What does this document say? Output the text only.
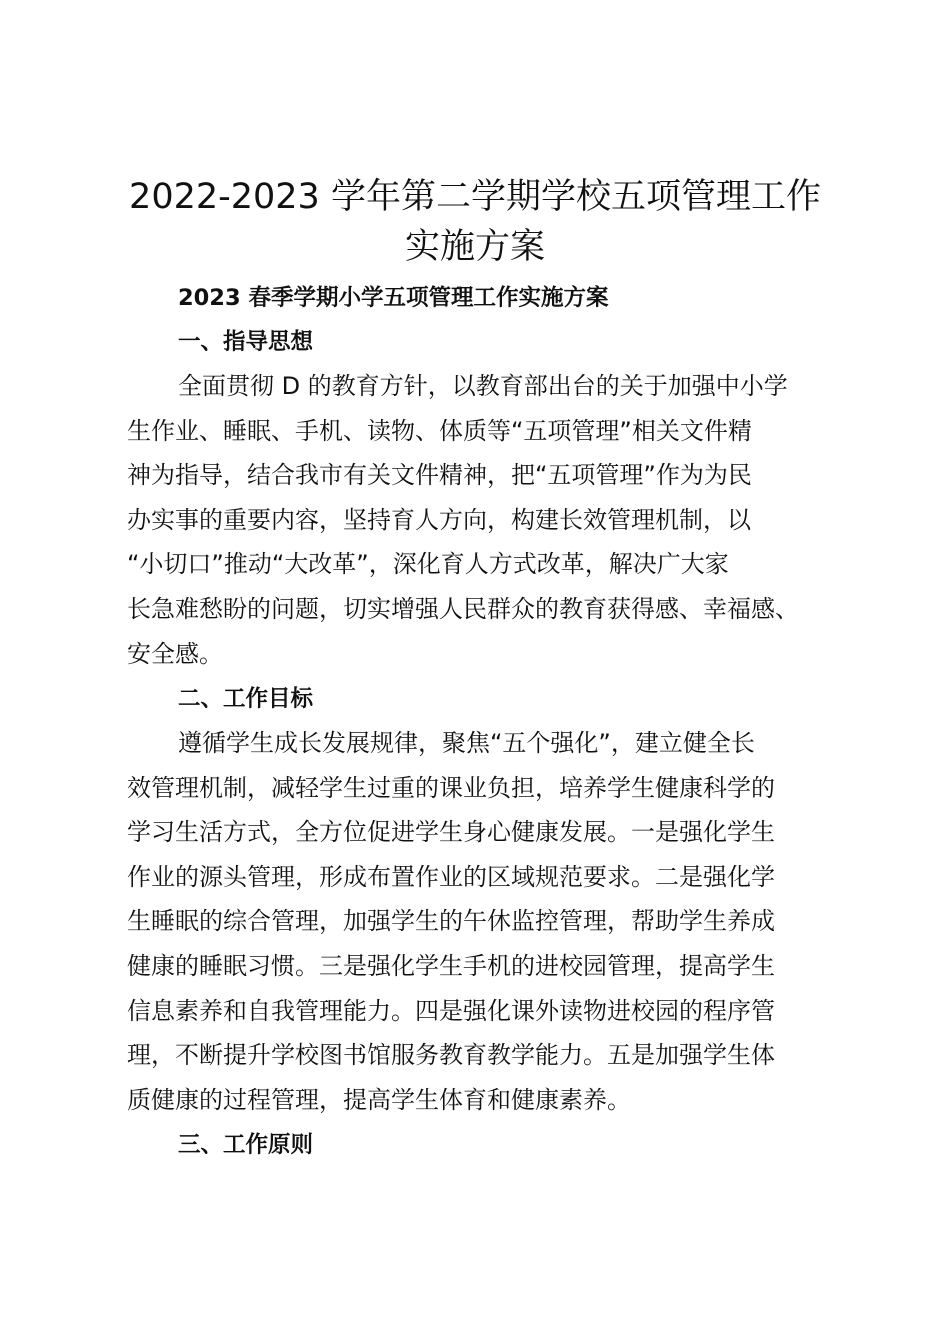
2022-2023 学年第二学期学校五项管理工作
实施方案
2023 春季学期小学五项管理工作实施方案
一、指导思想
全面贯彻 D 的教育方针，以教育部出台的关于加强中小学
生作业、睡眠、手机、读物、体质等“五项管理”相关文件精
神为指导，结合我市有关文件精神，把“五项管理”作为为民
办实事的重要内容，坚持育人方向，构建长效管理机制，以
“小切口”推动“大改革”，深化育人方式改革，解决广大家
长急难愁盼的问题，切实增强人民群众的教育获得感、幸福感、
安全感。
二、工作目标
遵循学生成长发展规律，聚焦“五个强化”，建立健全长
效管理机制，减轻学生过重的课业负担，培养学生健康科学的
学习生活方式，全方位促进学生身心健康发展。一是强化学生
作业的源头管理，形成布置作业的区域规范要求。二是强化学
生睡眠的综合管理，加强学生的午休监控管理，帮助学生养成
健康的睡眠习惯。三是强化学生手机的进校园管理，提高学生
信息素养和自我管理能力。四是强化课外读物进校园的程序管
理，不断提升学校图书馆服务教育教学能力。五是加强学生体
质健康的过程管理，提高学生体育和健康素养。
三、工作原则
